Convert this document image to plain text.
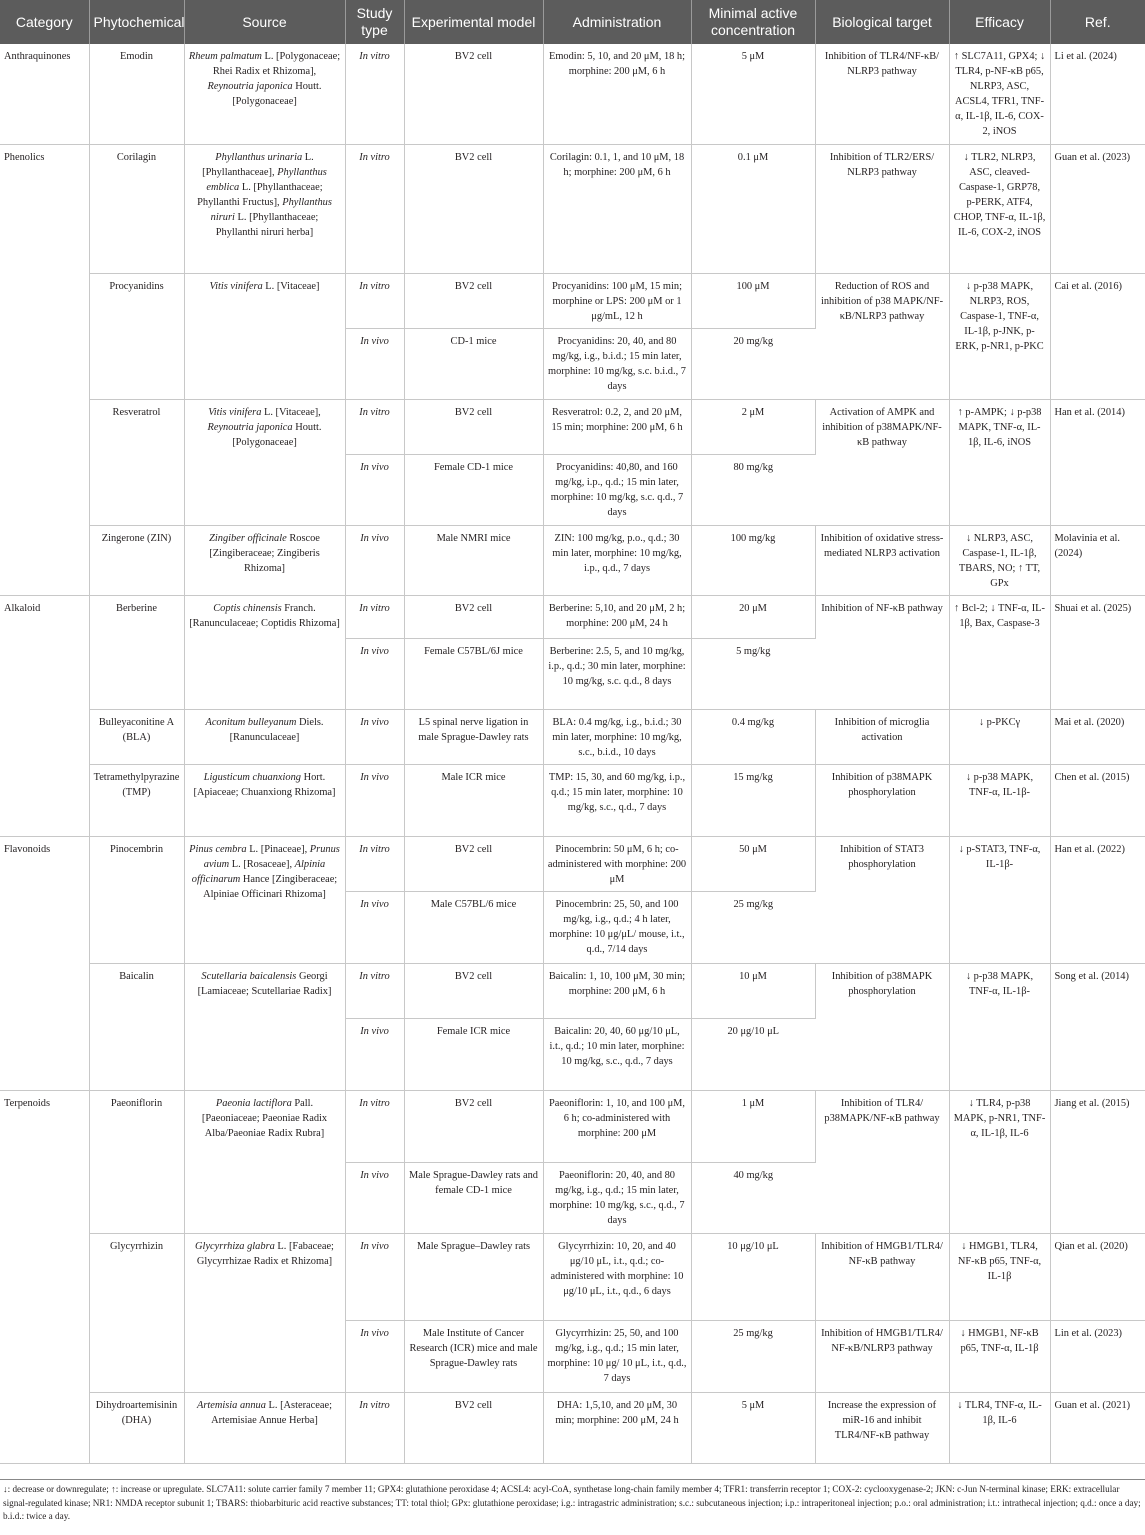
Category	Phytochemical	Source	Study type	Experimental model	Administration	Minimal active concentration	Biological target	Efficacy	Ref.
Anthraquinones	Emodin	Rheum palmatum L. [Polygonaceae; Rhei Radix et Rhizoma], Reynoutria japonica Houtt. [Polygonaceae]	In vitro	BV2 cell	Emodin: 5, 10, and 20 μM, 18 h; morphine: 200 μM, 6 h	5 μM	Inhibition of TLR4/NF-κB/ NLRP3 pathway	↑ SLC7A11, GPX4; ↓ TLR4, p-NF-κB p65, NLRP3, ASC, ACSL4, TFR1, TNF-α, IL-1β, IL-6, COX-2, iNOS	Li et al. (2024)
Phenolics	Corilagin	Phyllanthus urinaria L. [Phyllanthaceae], Phyllanthus emblica L. [Phyllanthaceae; Phyllanthi Fructus], Phyllanthus niruri L. [Phyllanthaceae; Phyllanthi niruri herba]	In vitro	BV2 cell	Corilagin: 0.1, 1, and 10 μM, 18 h; morphine: 200 μM, 6 h	0.1 μM	Inhibition of TLR2/ERS/ NLRP3 pathway	↓ TLR2, NLRP3, ASC, cleaved-Caspase-1, GRP78, p-PERK, ATF4, CHOP, TNF-α, IL-1β, IL-6, COX-2, iNOS	Guan et al. (2023)
	Procyanidins	Vitis vinifera L. [Vitaceae]	In vitro	BV2 cell	Procyanidins: 100 μM, 15 min; morphine or LPS: 200 μM or 1 μg/mL, 12 h	100 μM	Reduction of ROS and inhibition of p38 MAPK/NF-κB/NLRP3 pathway	↓ p-p38 MAPK, NLRP3, ROS, Caspase-1, TNF-α, IL-1β, p-JNK, p-ERK, p-NR1, p-PKC	Cai et al. (2016)
			In vivo	CD-1 mice	Procyanidins: 20, 40, and 80 mg/kg, i.g., b.i.d.; 15 min later, morphine: 10 mg/kg, s.c. b.i.d., 7 days	20 mg/kg			
	Resveratrol	Vitis vinifera L. [Vitaceae], Reynoutria japonica Houtt. [Polygonaceae]	In vitro	BV2 cell	Resveratrol: 0.2, 2, and 20 μM, 15 min; morphine: 200 μM, 6 h	2 μM	Activation of AMPK and inhibition of p38MAPK/NF-κB pathway	↑ p-AMPK; ↓ p-p38 MAPK, TNF-α, IL-1β, IL-6, iNOS	Han et al. (2014)
			In vivo	Female CD-1 mice	Procyanidins: 40,80, and 160 mg/kg, i.p., q.d.; 15 min later, morphine: 10 mg/kg, s.c. q.d., 7 days	80 mg/kg			
	Zingerone (ZIN)	Zingiber officinale Roscoe [Zingiberaceae; Zingiberis Rhizoma]	In vivo	Male NMRI mice	ZIN: 100 mg/kg, p.o., q.d.; 30 min later, morphine: 10 mg/kg, i.p., q.d., 7 days	100 mg/kg	Inhibition of oxidative stress-mediated NLRP3 activation	↓ NLRP3, ASC, Caspase-1, IL-1β, TBARS, NO; ↑ TT, GPx	Molavinia et al. (2024)
Alkaloid	Berberine	Coptis chinensis Franch. [Ranunculaceae; Coptidis Rhizoma]	In vitro	BV2 cell	Berberine: 5,10, and 20 μM, 2 h; morphine: 200 μM, 24 h	20 μM	Inhibition of NF-κB pathway	↑ Bcl-2; ↓ TNF-α, IL-1β, Bax, Caspase-3	Shuai et al. (2025)
			In vivo	Female C57BL/6J mice	Berberine: 2.5, 5, and 10 mg/kg, i.p., q.d.; 30 min later, morphine: 10 mg/kg, s.c. q.d., 8 days	5 mg/kg			
	Bulleyaconitine A (BLA)	Aconitum bulleyanum Diels. [Ranunculaceae]	In vivo	L5 spinal nerve ligation in male Sprague-Dawley rats	BLA: 0.4 mg/kg, i.g., b.i.d.; 30 min later, morphine: 10 mg/kg, s.c., b.i.d., 10 days	0.4 mg/kg	Inhibition of microglia activation	↓ p-PKCγ	Mai et al. (2020)
	Tetramethylpyrazine (TMP)	Ligusticum chuanxiong Hort. [Apiaceae; Chuanxiong Rhizoma]	In vivo	Male ICR mice	TMP: 15, 30, and 60 mg/kg, i.p., q.d.; 15 min later, morphine: 10 mg/kg, s.c., q.d., 7 days	15 mg/kg	Inhibition of p38MAPK phosphorylation	↓ p-p38 MAPK, TNF-α, IL-1β-	Chen et al. (2015)
Flavonoids	Pinocembrin	Pinus cembra L. [Pinaceae], Prunus avium L. [Rosaceae], Alpinia officinarum Hance [Zingiberaceae; Alpiniae Officinari Rhizoma]	In vitro	BV2 cell	Pinocembrin: 50 μM, 6 h; co-administered with morphine: 200 μM	50 μM	Inhibition of STAT3 phosphorylation	↓ p-STAT3, TNF-α, IL-1β-	Han et al. (2022)
			In vivo	Male C57BL/6 mice	Pinocembrin: 25, 50, and 100 mg/kg, i.g., q.d.; 4 h later, morphine: 10 μg/μL/ mouse, i.t., q.d., 7/14 days	25 mg/kg			
	Baicalin	Scutellaria baicalensis Georgi [Lamiaceae; Scutellariae Radix]	In vitro	BV2 cell	Baicalin: 1, 10, 100 μM, 30 min; morphine: 200 μM, 6 h	10 μM	Inhibition of p38MAPK phosphorylation	↓ p-p38 MAPK, TNF-α, IL-1β-	Song et al. (2014)
			In vivo	Female ICR mice	Baicalin: 20, 40, 60 μg/10 μL, i.t., q.d.; 10 min later, morphine: 10 mg/kg, s.c., q.d., 7 days	20 μg/10 μL			
Terpenoids	Paeoniflorin	Paeonia lactiflora Pall. [Paeoniaceae; Paeoniae Radix Alba/Paeoniae Radix Rubra]	In vitro	BV2 cell	Paeoniflorin: 1, 10, and 100 μM, 6 h; co-administered with morphine: 200 μM	1 μM	Inhibition of TLR4/ p38MAPK/NF-κB pathway	↓ TLR4, p-p38 MAPK, p-NR1, TNF-α, IL-1β, IL-6	Jiang et al. (2015)
			In vivo	Male Sprague-Dawley rats and female CD-1 mice	Paeoniflorin: 20, 40, and 80 mg/kg, i.g., q.d.; 15 min later, morphine: 10 mg/kg, s.c., q.d., 7 days	40 mg/kg			
	Glycyrrhizin	Glycyrrhiza glabra L. [Fabaceae; Glycyrrhizae Radix et Rhizoma]	In vivo	Male Sprague–Dawley rats	Glycyrrhizin: 10, 20, and 40 μg/10 μL, i.t., q.d.; co-administered with morphine: 10 μg/10 μL, i.t., q.d., 6 days	10 μg/10 μL	Inhibition of HMGB1/TLR4/ NF-κB pathway	↓ HMGB1, TLR4, NF-κB p65, TNF-α, IL-1β	Qian et al. (2020)
			In vivo	Male Institute of Cancer Research (ICR) mice and male Sprague-Dawley rats	Glycyrrhizin: 25, 50, and 100 mg/kg, i.g., q.d.; 15 min later, morphine: 10 μg/ 10 μL, i.t., q.d., 7 days	25 mg/kg	Inhibition of HMGB1/TLR4/ NF-κB/NLRP3 pathway	↓ HMGB1, NF-κB p65, TNF-α, IL-1β	Lin et al. (2023)
	Dihydroartemisinin (DHA)	Artemisia annua L. [Asteraceae; Artemisiae Annue Herba]	In vitro	BV2 cell	DHA: 1,5,10, and 20 μM, 30 min; morphine: 200 μM, 24 h	5 μM	Increase the expression of miR-16 and inhibit TLR4/NF-κB pathway	↓ TLR4, TNF-α, IL-1β, IL-6	Guan et al. (2021)
↓: decrease or downregulate; ↑: increase or upregulate. SLC7A11: solute carrier family 7 member 11; GPX4: glutathione peroxidase 4; ACSL4: acyl-CoA, synthetase long-chain family member 4; TFR1: transferrin receptor 1; COX-2: cyclooxygenase-2; JKN: c-Jun N-terminal kinase; ERK: extracellular signal-regulated kinase; NR1: NMDA receptor subunit 1; TBARS: thiobarbituric acid reactive substances; TT: total thiol; GPx: glutathione peroxidase; i.g.: intragastric administration; s.c.: subcutaneous injection; i.p.: intraperitoneal injection; p.o.: oral administration; i.t.: intrathecal injection; q.d.: once a day; b.i.d.: twice a day.
